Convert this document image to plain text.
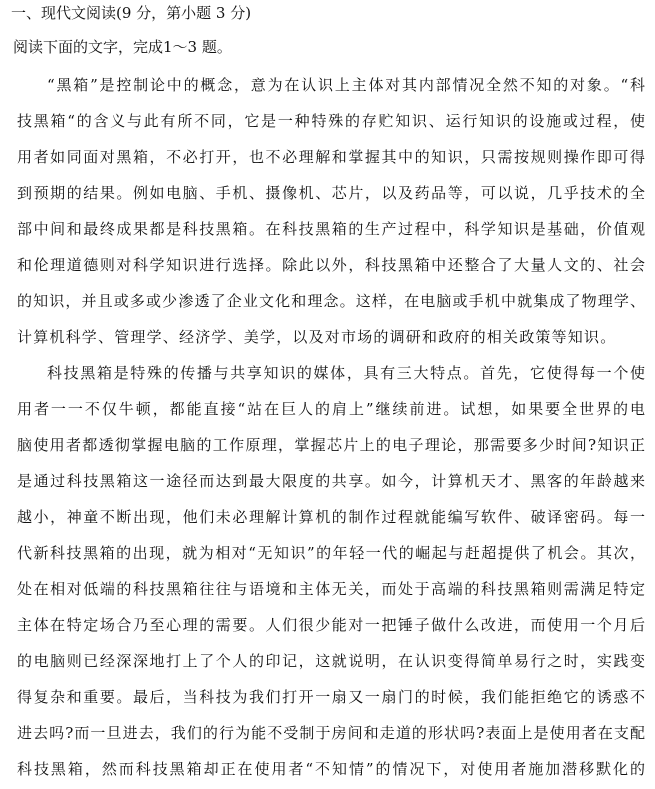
一、现代文阅读(9 分，第小题 3 分)
阅读下面的文字，完成1～3 题。
“黑箱”是控制论中的概念，意为在认识上主体对其内部情况全然不知的对象。“科
技黑箱“的含义与此有所不同，它是一种特殊的存贮知识、运行知识的设施或过程，使
用者如同面对黑箱，不必打开，也不必理解和掌握其中的知识，只需按规则操作即可得
到预期的结果。例如电脑、手机、摄像机、芯片，以及药品等，可以说，几乎技术的全
部中间和最终成果都是科技黑箱。在科技黑箱的生产过程中，科学知识是基础，价值观
和伦理道德则对科学知识进行选择。除此以外，科技黑箱中还整合了大量人文的、社会
的知识，并且或多或少渗透了企业文化和理念。这样，在电脑或手机中就集成了物理学、
计算机科学、管理学、经济学、美学，以及对市场的调研和政府的相关政策等知识。
科技黑箱是特殊的传播与共享知识的媒体，具有三大特点。首先，它使得每一个使
用者一一不仅牛顿，都能直接“站在巨人的肩上”继续前进。试想，如果要全世界的电
脑使用者都透彻掌握电脑的工作原理，掌握芯片上的电子理论，那需要多少时间?知识正
是通过科技黑箱这一途径而达到最大限度的共享。如今，计算机天才、黑客的年龄越来
越小，神童不断出现，他们未必理解计算机的制作过程就能编写软件、破译密码。每一
代新科技黑箱的出现，就为相对“无知识”的年轻一代的崛起与赶超提供了机会。其次，
处在相对低端的科技黑箱往往与语境和主体无关，而处于高端的科技黑箱则需满足特定
主体在特定场合乃至心理的需要。人们很少能对一把锤子做什么改进，而使用一个月后
的电脑则已经深深地打上了个人的印记，这就说明，在认识变得简单易行之时，实践变
得复杂和重要。最后，当科技为我们打开一扇又一扇门的时候，我们能拒绝它的诱惑不
进去吗?而一旦进去，我们的行为能不受制于房间和走道的形状吗?表面上是使用者在支配
科技黑箱，然而科技黑箱却正在使用者“不知情”的情况下，对使用者施加潜移默化的
